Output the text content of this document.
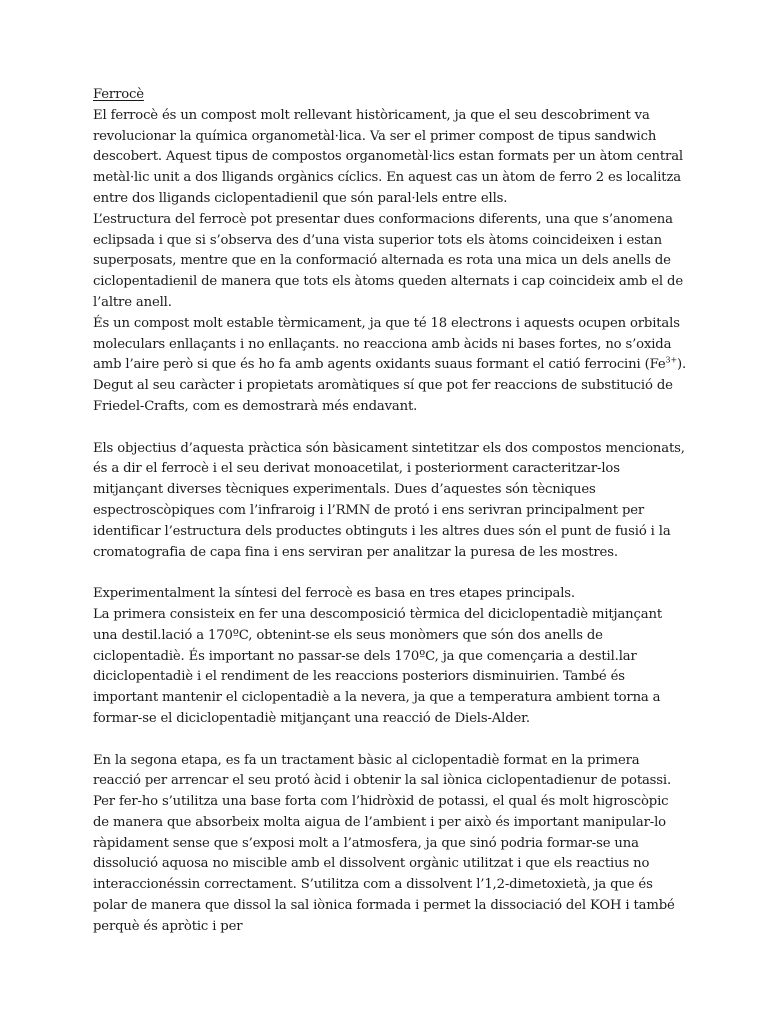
Ferrocè

El ferrocè és un compost molt rellevant històricament, ja que el seu descobriment va revolucionar la química organometàl·lica. Va ser el primer compost de tipus sandwich descobert. Aquest tipus de compostos organometàl·lics estan formats per un àtom central metàl·lic unit a dos lligands orgànics cíclics. En aquest cas un àtom de ferro 2 es localitza entre dos lligands ciclopentadienil que són paral·lels entre ells.

L’estructura del ferrocè pot presentar dues conformacions diferents, una que s’anomena eclipsada i que si s’observa des d’una vista superior tots els àtoms coincideixen i estan superposats, mentre que en la conformació alternada es rota una mica un dels anells de ciclopentadienil de manera que tots els àtoms queden alternats i cap coincideix amb el de l’altre anell.

És un compost molt estable tèrmicament, ja que té 18 electrons i aquests ocupen orbitals moleculars enllaçants i no enllaçants. no reacciona amb àcids ni bases fortes, no s’oxida amb l’aire però si que és ho fa amb agents oxidants suaus formant el catió ferrocini $(Fe^{3+})$.

Degut al seu caràcter i propietats aromàtiques sí que pot fer reaccions de substitució de Friedel-Crafts, com es demostrarà més endavant.

Els objectius d’aquesta pràctica són bàsicament sintetitzar els dos compostos mencionats, és a dir el ferrocè i el seu derivat monoacetilat, i posteriorment caracteritzar-los mitjançant diverses tècniques experimentals. Dues d’aquestes són tècniques espectroscòpiques com l’infraroig i l’RMN de protó i ens serivran principalment per identificar l’estructura dels productes obtinguts i les altres dues són el punt de fusió i la cromatografia de capa fina i ens serviran per analitzar la puresa de les mostres.

Experimentalment la síntesi del ferrocè es basa en tres etapes principals.

La primera consisteix en fer una descomposició tèrmica del diciclopentadiè mitjançant una destil.lació a 170ºC, obtenint-se els seus monòmers que són dos anells de ciclopentadiè. És important no passar-se dels 170ºC, ja que començaria a destil.lar diciclopentadiè i el rendiment de les reaccions posteriors disminuirien. També és important mantenir el ciclopentadiè a la nevera, ja que a temperatura ambient torna a formar-se el diciclopentadiè mitjançant una reacció de Diels-Alder.

En la segona etapa, es fa un tractament bàsic al ciclopentadiè format en la primera reacció per arrencar el seu protó àcid i obtenir la sal iònica ciclopentadienur de potassi. Per fer-ho s’utilitza una base forta com l’hidròxid de potassi, el qual és molt higroscòpic de manera que absorbeix molta aigua de l’ambient i per això és important manipular-lo ràpidament sense que s’exposi molt a l’atmosfera, ja que sinó podria formar-se una dissolució aquosa no miscible amb el dissolvent orgànic utilitzat i que els reactius no interaccionéssin correctament. S’utilitza com a dissolvent l’1,2-dimetoxietà, ja que és polar de manera que dissol la sal iònica formada i permet la dissociació del KOH i també perquè és apròtic i per
